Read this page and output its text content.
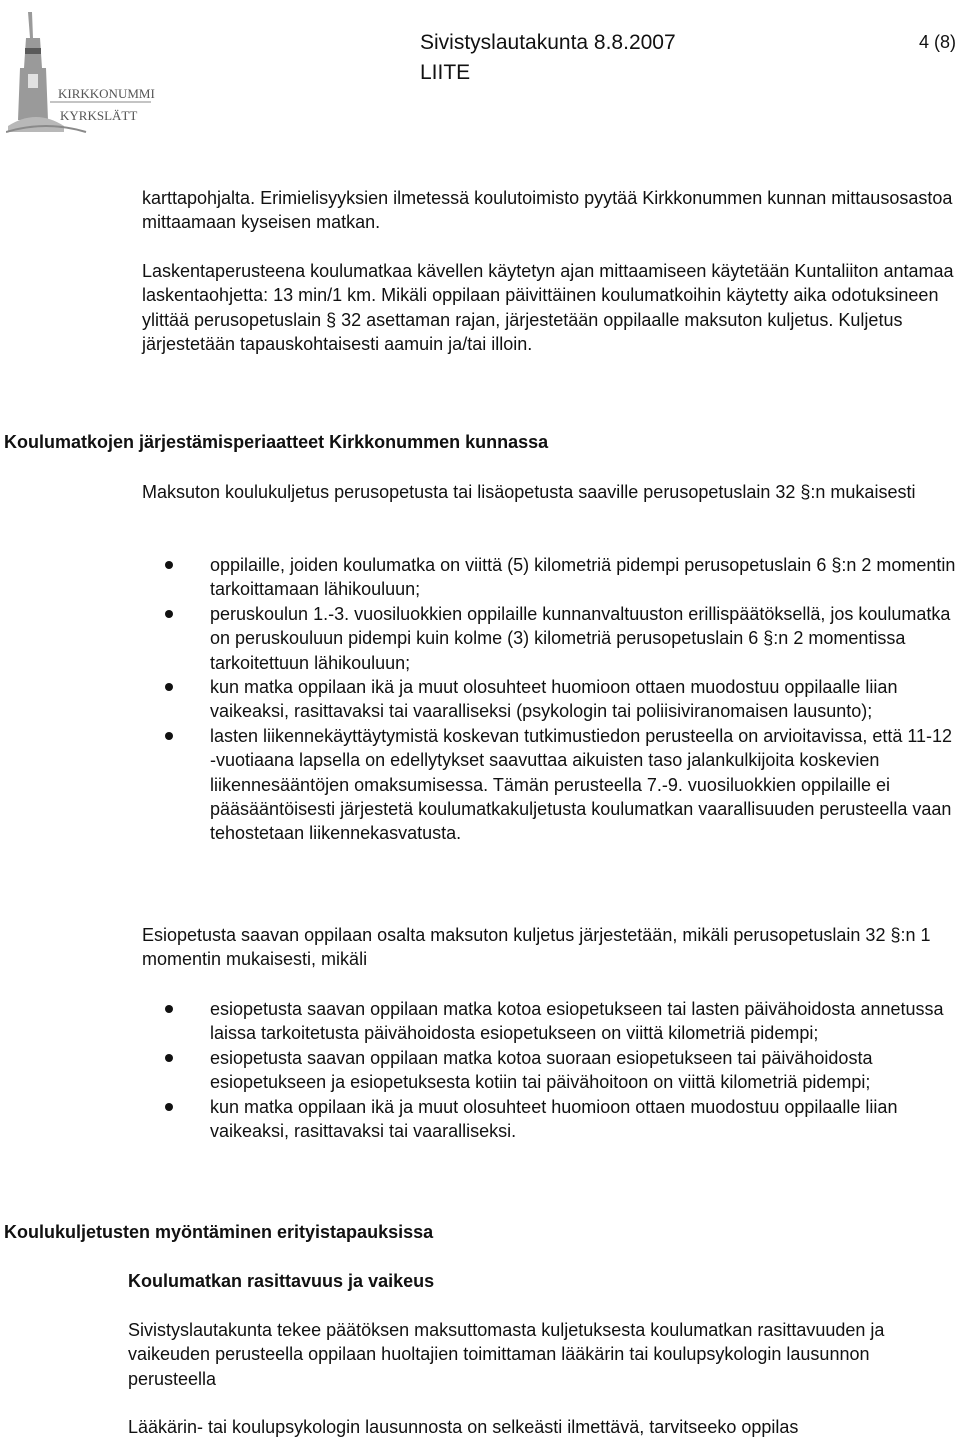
KIRKKONUMMI
KYRKSLÄTT
Sivistyslautakunta 8.8.2007
LIITE
4 (8)

karttapohjalta. Erimielisyyksien ilmetessä koulutoimisto pyytää Kirkkonummen kunnan mittausosastoa mittaamaan kyseisen matkan.

Laskentaperusteena koulumatkaa kävellen käytetyn ajan mittaamiseen käytetään Kuntaliiton antamaa laskentaohjetta: 13 min/1 km. Mikäli oppilaan päivittäinen koulumatkoihin käytetty aika odotuksineen ylittää perusopetuslain § 32 asettaman rajan, järjestetään oppilaalle maksuton kuljetus. Kuljetus järjestetään tapauskohtaisesti aamuin ja/tai illoin.

Koulumatkojen järjestämisperiaatteet Kirkkonummen kunnassa

Maksuton koulukuljetus perusopetusta tai lisäopetusta saaville perusopetuslain 32 §:n mukaisesti

oppilaille, joiden koulumatka on viittä (5) kilometriä pidempi perusopetuslain 6 §:n 2 momentin tarkoittamaan lähikouluun;
peruskoulun 1.-3. vuosiluokkien oppilaille kunnanvaltuuston erillispäätöksellä, jos koulumatka on peruskouluun pidempi kuin kolme (3) kilometriä perusopetuslain 6 §:n 2 momentissa tarkoitettuun lähikouluun;
kun matka oppilaan ikä ja muut olosuhteet huomioon ottaen muodostuu oppilaalle liian vaikeaksi, rasittavaksi tai vaaralliseksi (psykologin tai poliisiviranomaisen lausunto);
lasten liikennekäyttäytymistä koskevan tutkimustiedon perusteella on arvioitavissa, että 11-12 -vuotiaana lapsella on edellytykset saavuttaa aikuisten taso jalankulkijoita koskevien liikennesääntöjen omaksumisessa. Tämän perusteella 7.-9. vuosiluokkien oppilaille ei pääsääntöisesti järjestetä koulumatkakuljetusta koulumatkan vaarallisuuden perusteella vaan tehostetaan liikennekasvatusta.

Esiopetusta saavan oppilaan osalta maksuton kuljetus järjestetään, mikäli perusopetuslain 32 §:n 1 momentin mukaisesti, mikäli

esiopetusta saavan oppilaan matka kotoa esiopetukseen tai lasten päivähoidosta annetussa laissa tarkoitetusta päivähoidosta esiopetukseen on viittä kilometriä pidempi;
esiopetusta saavan oppilaan matka kotoa suoraan esiopetukseen tai päivähoidosta esiopetukseen ja esiopetuksesta kotiin tai päivähoitoon on viittä kilometriä pidempi;
kun matka oppilaan ikä ja muut olosuhteet huomioon ottaen muodostuu oppilaalle liian vaikeaksi, rasittavaksi tai vaaralliseksi.

Koulukuljetusten myöntäminen erityistapauksissa

Koulumatkan rasittavuus ja vaikeus

Sivistyslautakunta tekee päätöksen maksuttomasta kuljetuksesta koulumatkan rasittavuuden ja vaikeuden perusteella oppilaan huoltajien toimittaman lääkärin tai koulupsykologin lausunnon perusteella

Lääkärin- tai koulupsykologin lausunnosta on selkeästi ilmettävä, tarvitseeko oppilas
